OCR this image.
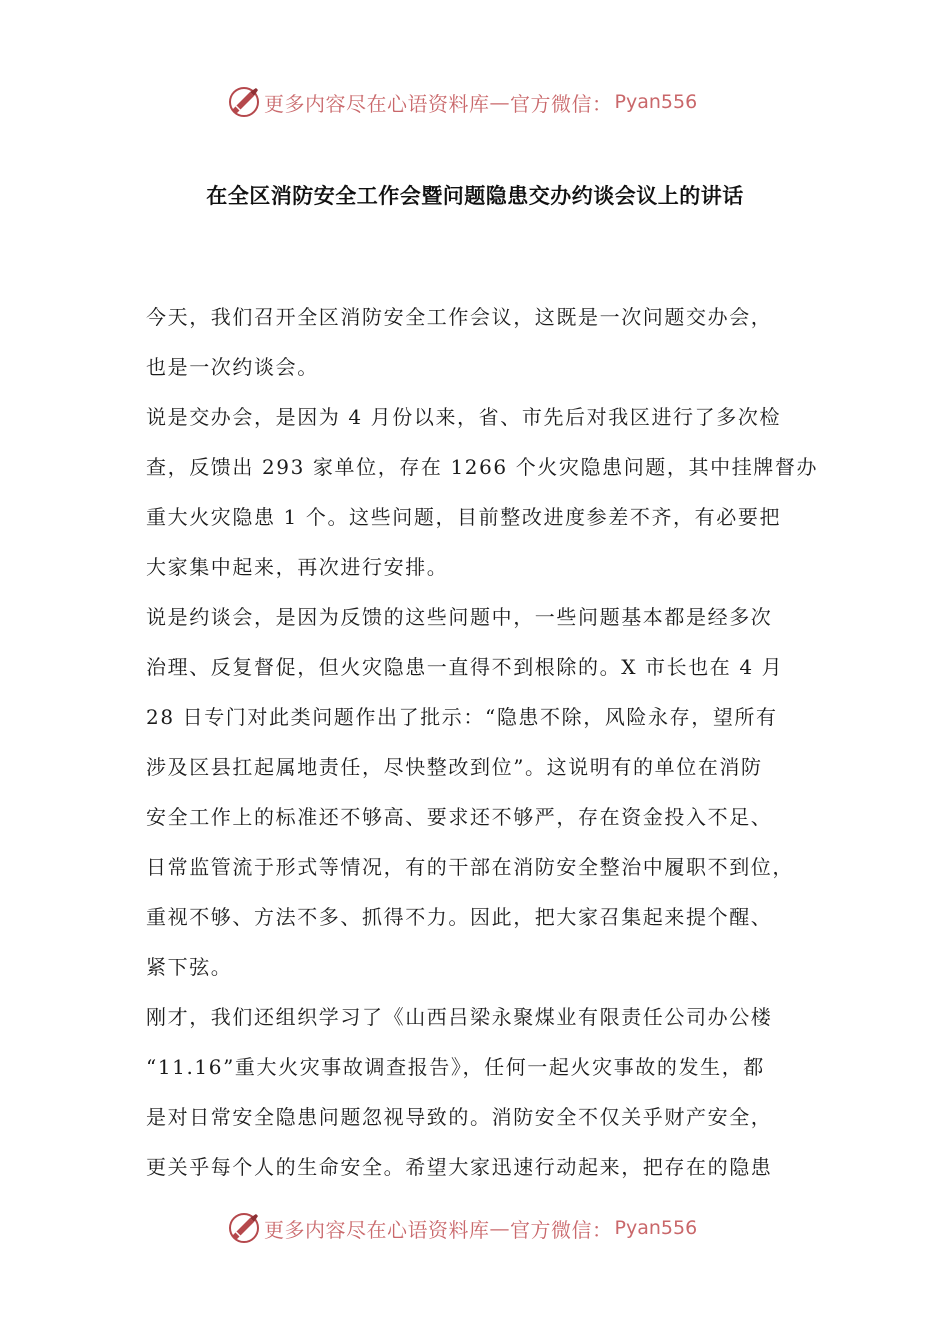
更多内容尽在心语资料库 — 官方微信： Pyan556
在全区消防安全工作会暨问题隐患交办约谈会议上的讲话
今天，我们召开全区消防安全工作会议，这既是一次问题交办会，
也是一次约谈会。
说是交办会，是因为 4 月份以来，省、市先后对我区进行了多次检
查，反馈出 293 家单位，存在 1266 个火灾隐患问题，其中挂牌督办
重大火灾隐患 1 个。这些问题，目前整改进度参差不齐，有必要把
大家集中起来，再次进行安排。
说是约谈会，是因为反馈的这些问题中，一些问题基本都是经多次
治理、反复督促，但火灾隐患一直得不到根除的。X 市长也在 4 月
28 日专门对此类问题作出了批示：“隐患不除，风险永存，望所有
涉及区县扛起属地责任，尽快整改到位”。这说明有的单位在消防
安全工作上的标准还不够高、要求还不够严，存在资金投入不足、
日常监管流于形式等情况，有的干部在消防安全整治中履职不到位，
重视不够、方法不多、抓得不力。因此，把大家召集起来提个醒、
紧下弦。
刚才，我们还组织学习了《山西吕梁永聚煤业有限责任公司办公楼
“11.16”重大火灾事故调查报告》，任何一起火灾事故的发生，都
是对日常安全隐患问题忽视导致的。消防安全不仅关乎财产安全，
更关乎每个人的生命安全。希望大家迅速行动起来，把存在的隐患
更多内容尽在心语资料库 — 官方微信： Pyan556
